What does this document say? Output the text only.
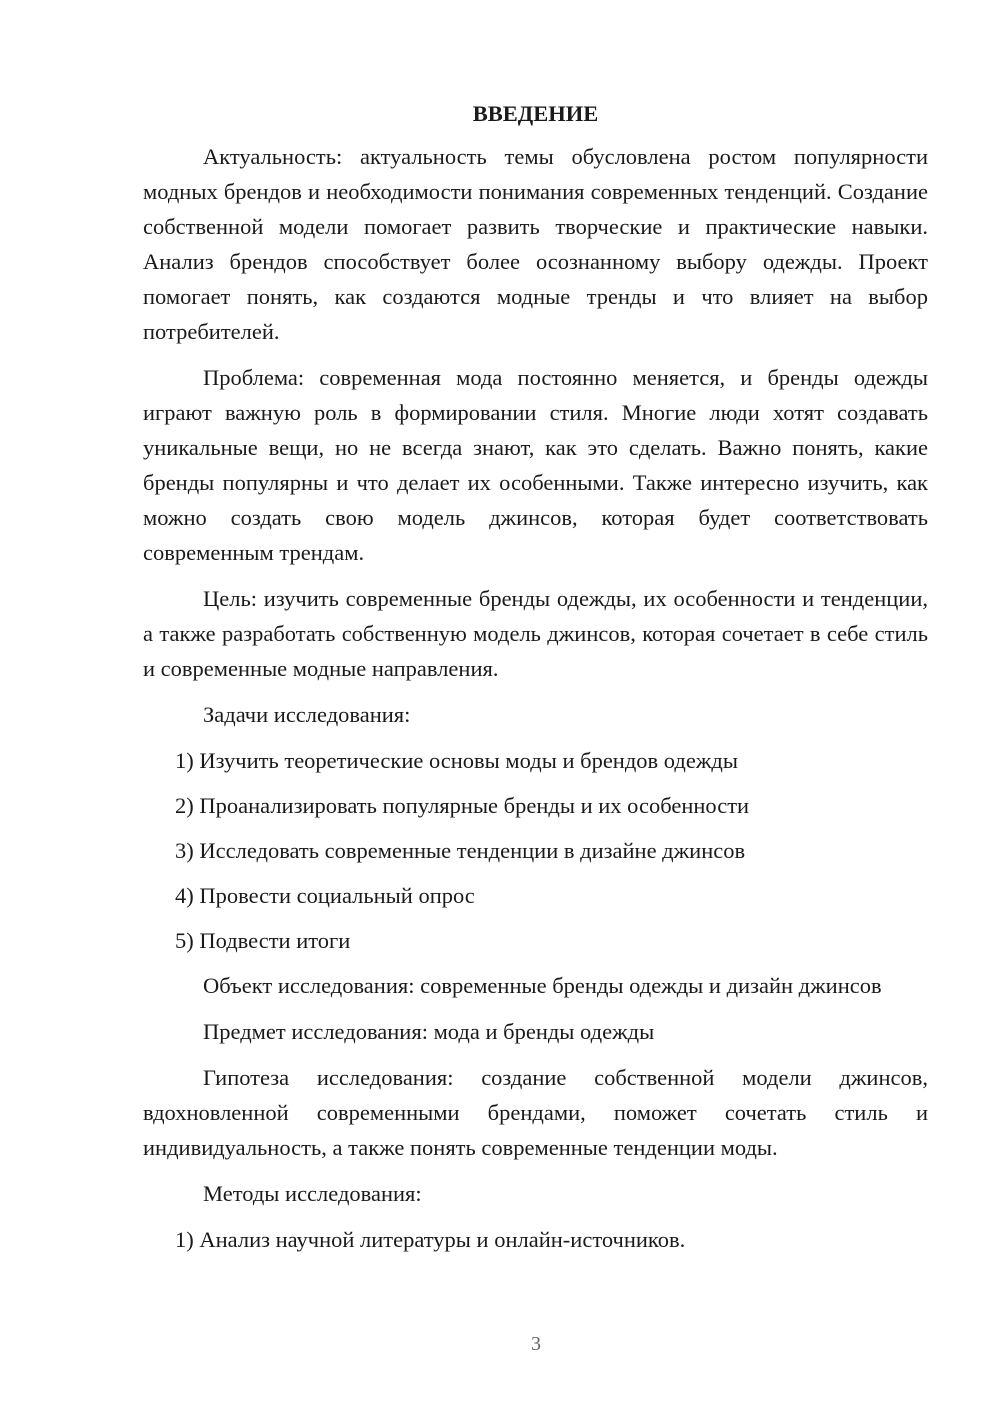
ВВЕДЕНИЕ

Актуальность: актуальность темы обусловлена ростом популярности модных брендов и необходимости понимания современных тенденций. Создание собственной модели помогает развить творческие и практические навыки. Анализ брендов способствует более осознанному выбору одежды. Проект помогает понять, как создаются модные тренды и что влияет на выбор потребителей.

Проблема: современная мода постоянно меняется, и бренды одежды играют важную роль в формировании стиля. Многие люди хотят создавать уникальные вещи, но не всегда знают, как это сделать. Важно понять, какие бренды популярны и что делает их особенными. Также интересно изучить, как можно создать свою модель джинсов, которая будет соответствовать современным трендам.

Цель: изучить современные бренды одежды, их особенности и тенденции, а также разработать собственную модель джинсов, которая сочетает в себе стиль и современные модные направления.

Задачи исследования:

1) Изучить теоретические основы моды и брендов одежды
2) Проанализировать популярные бренды и их особенности
3) Исследовать современные тенденции в дизайне джинсов
4) Провести социальный опрос
5) Подвести итоги

Объект исследования: современные бренды одежды и дизайн джинсов

Предмет исследования: мода и бренды одежды

Гипотеза исследования: создание собственной модели джинсов, вдохновленной современными брендами, поможет сочетать стиль и индивидуальность, а также понять современные тенденции моды.

Методы исследования:

1) Анализ научной литературы и онлайн-источников.
3
